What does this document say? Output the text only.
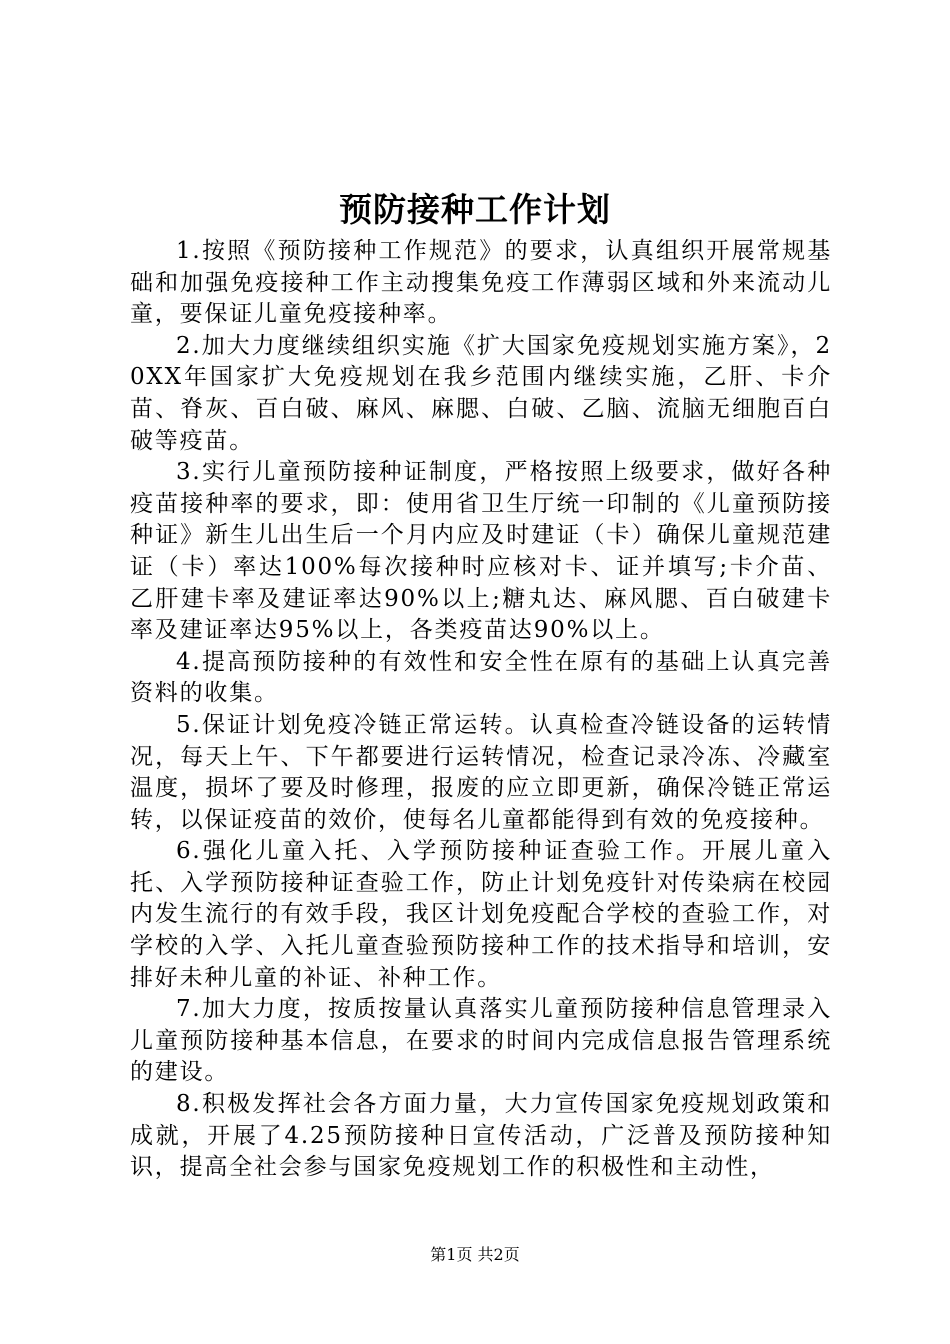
预防接种工作计划

1.按照《预防接种工作规范》的要求，认真组织开展常规基础和加强免疫接种工作主动搜集免疫工作薄弱区域和外来流动儿童，要保证儿童免疫接种率。

2.加大力度继续组织实施《扩大国家免疫规划实施方案》，20XX年国家扩大免疫规划在我乡范围内继续实施，乙肝、卡介苗、脊灰、百白破、麻风、麻腮、白破、乙脑、流脑无细胞百白破等疫苗。

3.实行儿童预防接种证制度，严格按照上级要求，做好各种疫苗接种率的要求，即：使用省卫生厅统一印制的《儿童预防接种证》新生儿出生后一个月内应及时建证（卡）确保儿童规范建证（卡）率达100%每次接种时应核对卡、证并填写;卡介苗、乙肝建卡率及建证率达90%以上;糖丸达、麻风腮、百白破建卡率及建证率达95%以上，各类疫苗达90%以上。

4.提高预防接种的有效性和安全性在原有的基础上认真完善资料的收集。

5.保证计划免疫冷链正常运转。认真检查冷链设备的运转情况，每天上午、下午都要进行运转情况，检查记录冷冻、冷藏室温度，损坏了要及时修理，报废的应立即更新，确保冷链正常运转，以保证疫苗的效价，使每名儿童都能得到有效的免疫接种。

6.强化儿童入托、入学预防接种证查验工作。开展儿童入托、入学预防接种证查验工作，防止计划免疫针对传染病在校园内发生流行的有效手段，我区计划免疫配合学校的查验工作，对学校的入学、入托儿童查验预防接种工作的技术指导和培训，安排好未种儿童的补证、补种工作。

7.加大力度，按质按量认真落实儿童预防接种信息管理录入儿童预防接种基本信息，在要求的时间内完成信息报告管理系统的建设。

8.积极发挥社会各方面力量，大力宣传国家免疫规划政策和成就，开展了4.25预防接种日宣传活动，广泛普及预防接种知识，提高全社会参与国家免疫规划工作的积极性和主动性，

第1页 共2页
